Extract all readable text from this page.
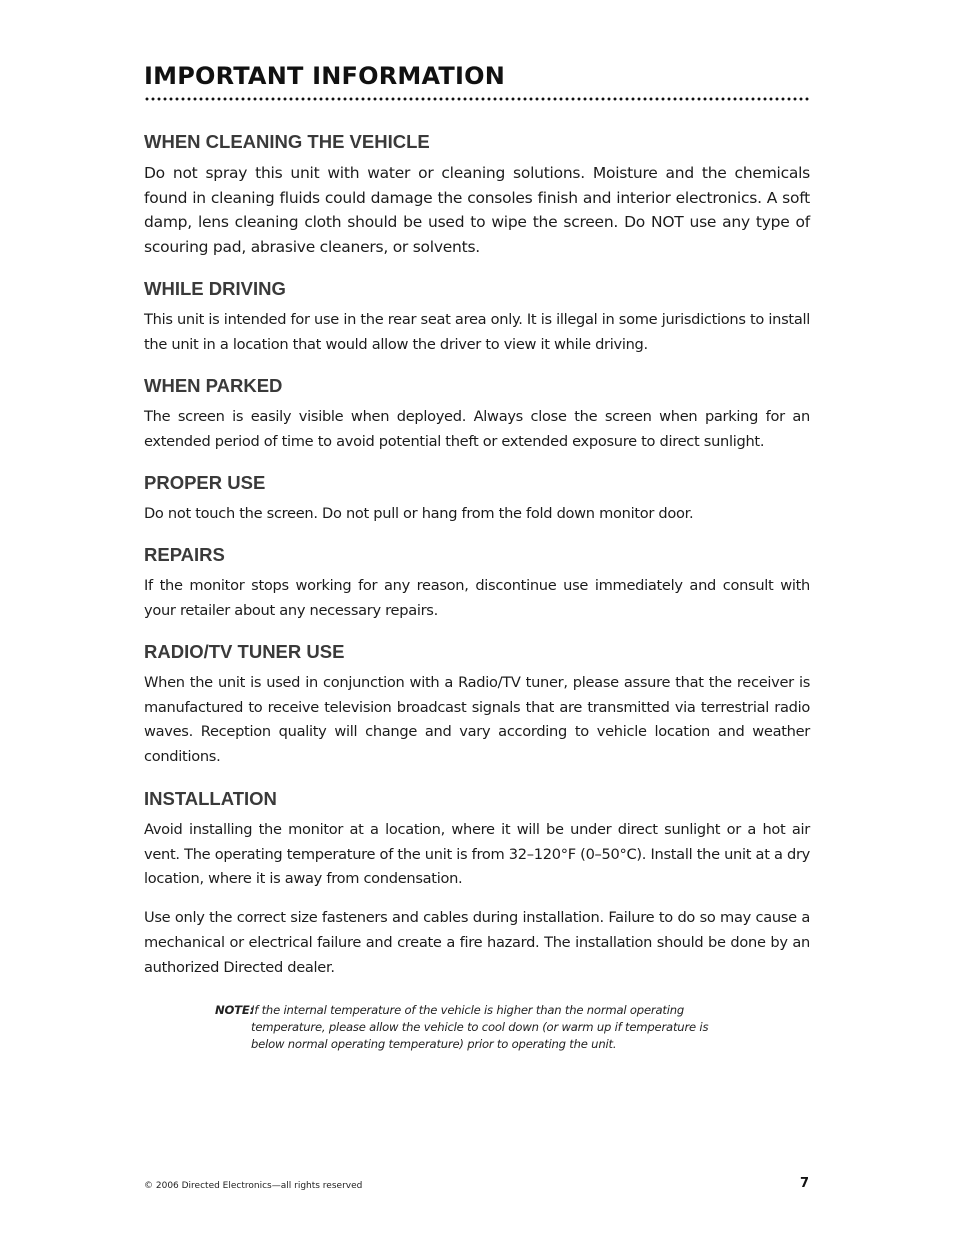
IMPORTANT INFORMATION
WHEN CLEANING THE VEHICLE

Do not spray this unit with water or cleaning solutions. Moisture and the chemicals found in cleaning fluids could damage the consoles finish and interior electronics. A soft damp, lens cleaning cloth should be used to wipe the screen. Do NOT use any type of scouring pad, abrasive cleaners, or solvents.

WHILE DRIVING

This unit is intended for use in the rear seat area only. It is illegal in some jurisdictions to install the unit in a location that would allow the driver to view it while driving.

WHEN PARKED

The screen is easily visible when deployed. Always close the screen when parking for an extended period of time to avoid potential theft or extended exposure to direct sunlight.

PROPER USE

Do not touch the screen. Do not pull or hang from the fold down monitor door.

REPAIRS

If the monitor stops working for any reason, discontinue use immediately and consult with your retailer about any necessary repairs.

RADIO/TV TUNER USE

When the unit is used in conjunction with a Radio/TV tuner, please assure that the receiver is manufactured to receive television broadcast signals that are transmitted via terrestrial radio waves. Reception quality will change and vary according to vehicle location and weather conditions.

INSTALLATION

Avoid installing the monitor at a location, where it will be under direct sunlight or a hot air vent. The operating temperature of the unit is from 32–120°F (0–50°C). Install the unit at a dry location, where it is away from condensation.

Use only the correct size fasteners and cables during installation. Failure to do so may cause a mechanical or electrical failure and create a fire hazard. The installation should be done by an authorized Directed dealer.

NOTE:
If the internal temperature of the vehicle is higher than the normal operating temperature, please allow the vehicle to cool down (or warm up if temperature is below normal operating temperature) prior to operating the unit.
© 2006 Directed Electronics—all rights reserved	7
